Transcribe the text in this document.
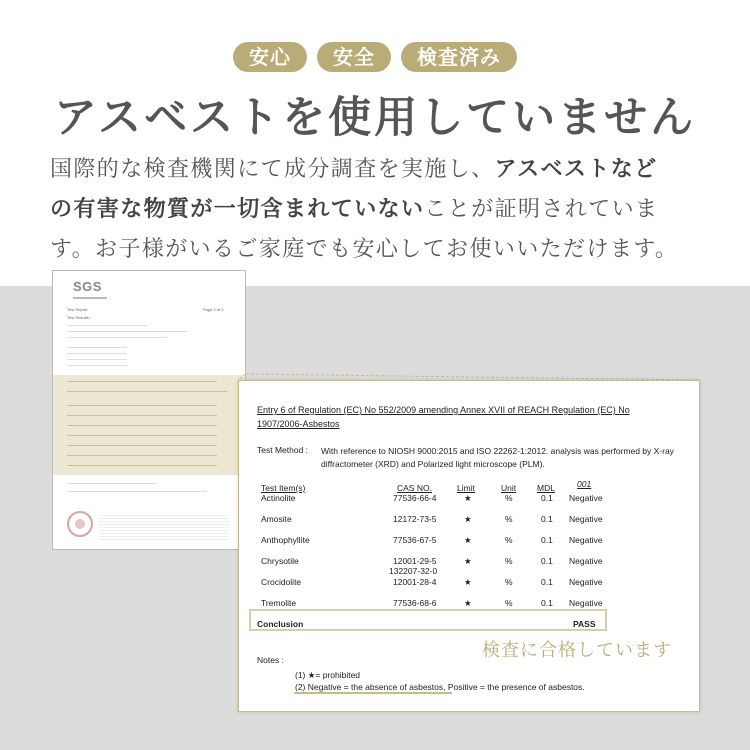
安心	安全	検査済み
アスベストを使用していません
国際的な検査機関にて成分調査を実施し、アスベストなど
の有害な物質が一切含まれていないことが証明されていま
す。お子様がいるご家庭でも安心してお使いいただけます。
SGS
Test Report	Page 2 of 3
Test Results :
Entry 6 of Regulation (EC) No 552/2009 amending Annex XVII of REACH Regulation (EC) No 1907/2006-Asbestos
Test Method : With reference to NIOSH 9000:2015 and ISO 22262-1:2012. analysis was performed by X-ray diffractometer (XRD) and Polarized light microscope (PLM).
Test Item(s)	CAS NO.	Limit	Unit MDL	001
Actinolite	77536-66-4	★	%	0.1 Negative
Amosite	12172-73-5	★	%	0.1 Negative
Anthophyllite	77536-67-5	★	%	0.1 Negative
Chrysotile	12001-29-5	★	%	0.1 Negative
132207-32-0
Crocidolite	12001-28-4	★	%	0.1 Negative
Tremolite	77536-68-6	★	%	0.1 Negative
Conclusion	PASS
Notes :
(1) ★= prohibited
(2) Negative = the absence of asbestos, Positive = the presence of asbestos.
検査に合格しています
